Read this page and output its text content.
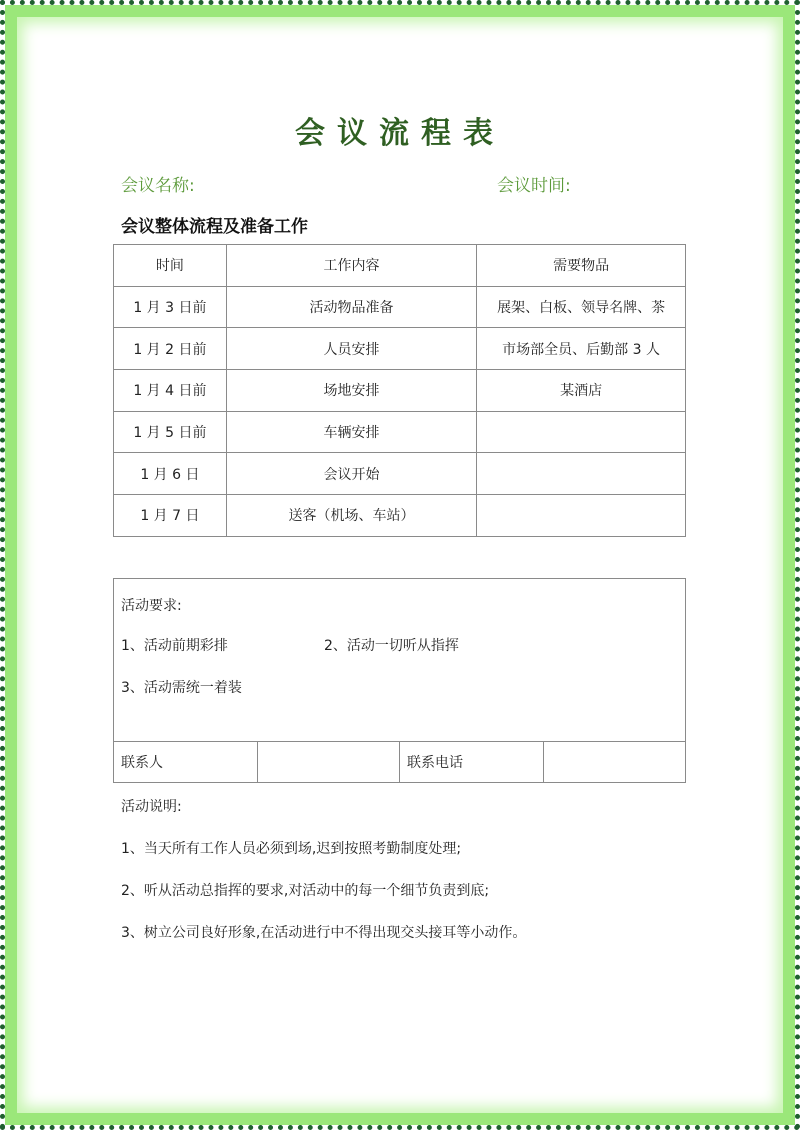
会议流程表
会议名称:	会议时间:
会议整体流程及准备工作
时间	工作内容	需要物品
1 月 3 日前	活动物品准备	展架、白板、领导名牌、茶
1 月 2 日前	人员安排	市场部全员、后勤部 3 人
1 月 4 日前	场地安排	某酒店
1 月 5 日前	车辆安排	
1 月 6 日	会议开始	
1 月 7 日	送客（机场、车站）	
活动要求:
1、活动前期彩排	2、活动一切听从指挥
3、活动需统一着装
联系人	联系电话
活动说明:
1、当天所有工作人员必须到场,迟到按照考勤制度处理;
2、听从活动总指挥的要求,对活动中的每一个细节负责到底;
3、树立公司良好形象,在活动进行中不得出现交头接耳等小动作。
